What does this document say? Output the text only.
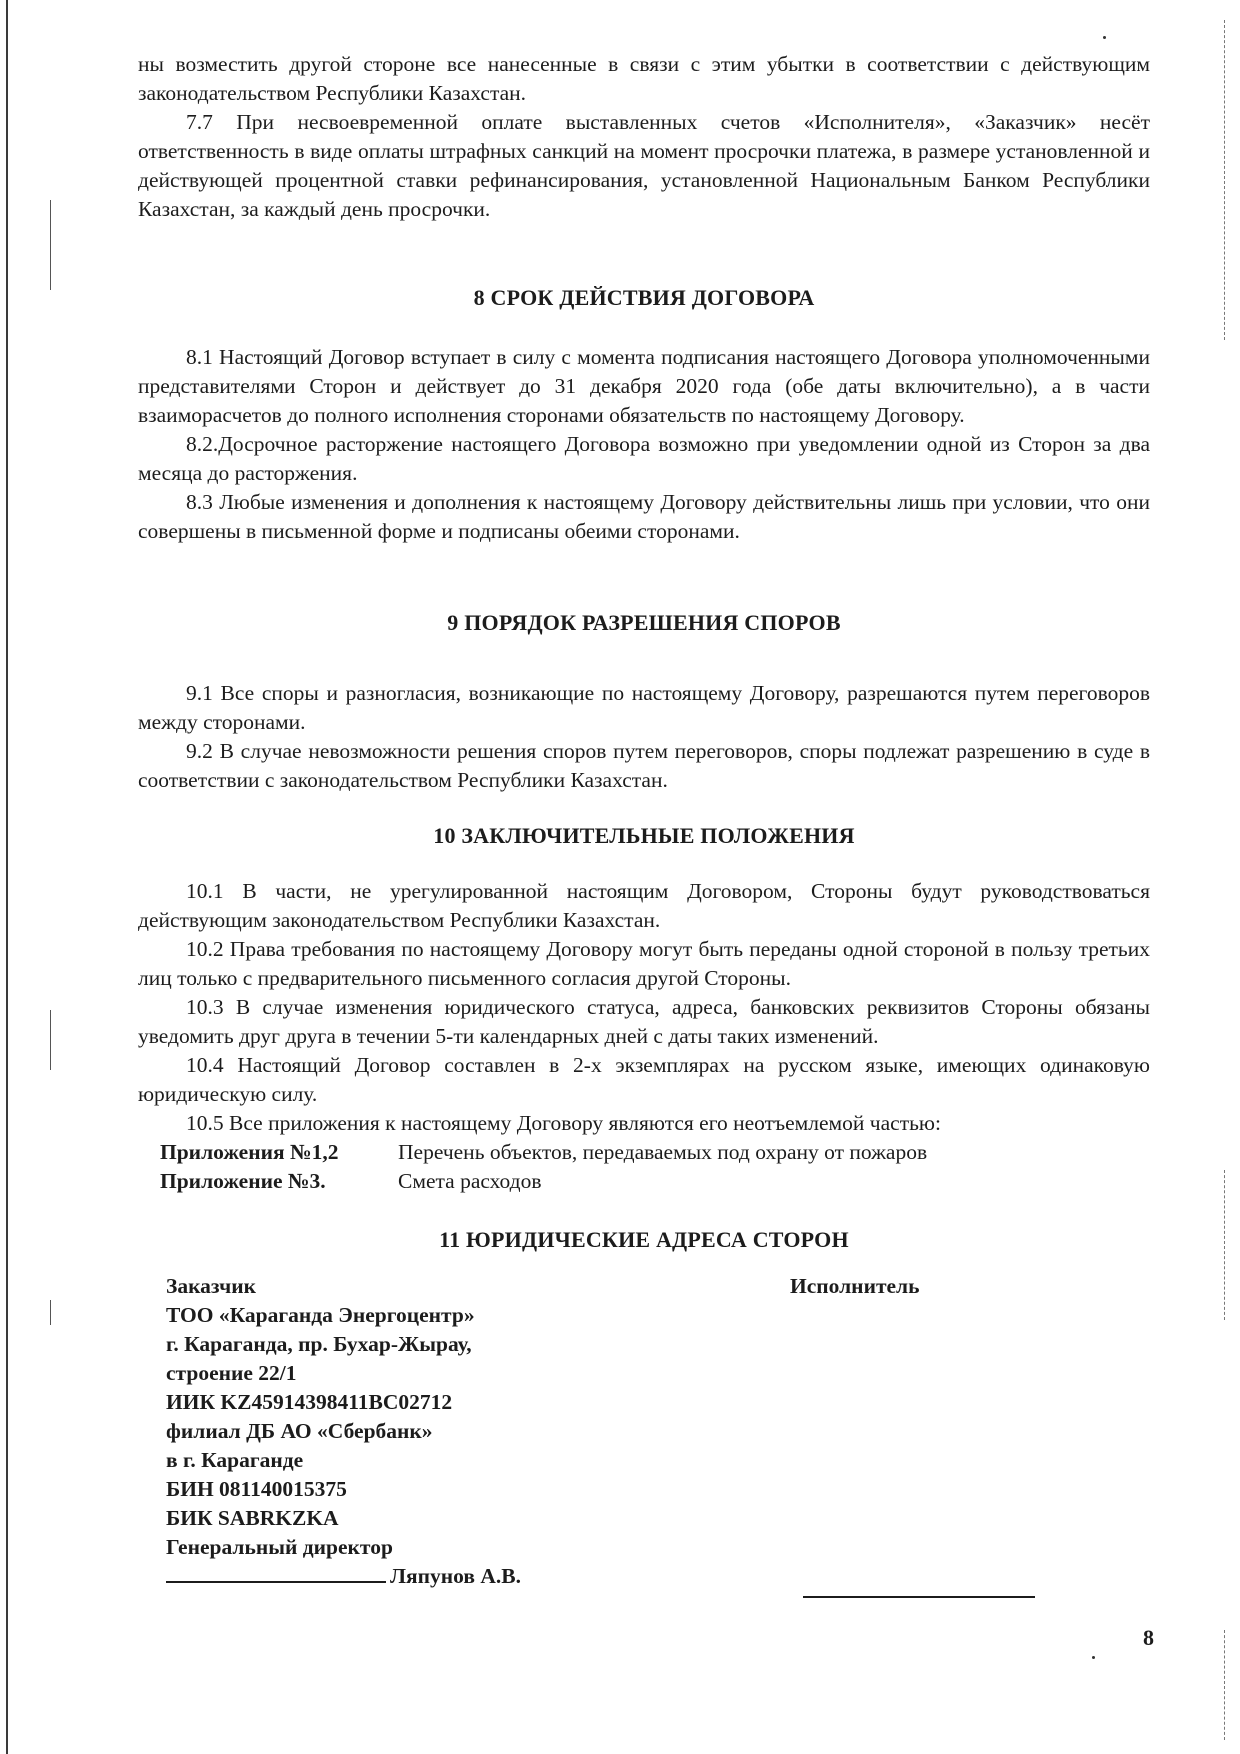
ны возместить другой стороне все нанесенные в связи с этим убытки в соответствии с действующим законодательством Республики Казахстан.

7.7 При несвоевременной оплате выставленных счетов «Исполнителя», «Заказчик» несёт ответственность в виде оплаты штрафных санкций на момент просрочки платежа, в размере установленной и действующей процентной ставки рефинансирования, установленной Национальным Банком Республики Казахстан, за каждый день просрочки.

8 СРОК ДЕЙСТВИЯ ДОГОВОРА

8.1 Настоящий Договор вступает в силу с момента подписания настоящего Договора уполномоченными представителями Сторон и действует до 31 декабря 2020 года (обе даты включительно), а в части взаиморасчетов до полного исполнения сторонами обязательств по настоящему Договору.

8.2.Досрочное расторжение настоящего Договора возможно при уведомлении одной из Сторон за два месяца до расторжения.

8.3 Любые изменения и дополнения к настоящему Договору действительны лишь при условии, что они совершены в письменной форме и подписаны обеими сторонами.

9 ПОРЯДОК РАЗРЕШЕНИЯ СПОРОВ

9.1 Все споры и разногласия, возникающие по настоящему Договору, разрешаются путем переговоров между сторонами.

9.2 В случае невозможности решения споров путем переговоров, споры подлежат разрешению в суде в соответствии с законодательством Республики Казахстан.

10 ЗАКЛЮЧИТЕЛЬНЫЕ ПОЛОЖЕНИЯ

10.1 В части, не урегулированной настоящим Договором, Стороны будут руководствоваться действующим законодательством Республики Казахстан.

10.2 Права требования по настоящему Договору могут быть переданы одной стороной в пользу третьих лиц только с предварительного письменного согласия другой Стороны.

10.3 В случае изменения юридического статуса, адреса, банковских реквизитов Стороны обязаны уведомить друг друга в течении 5-ти календарных дней с даты таких изменений.

10.4 Настоящий Договор составлен в 2-х экземплярах на русском языке, имеющих одинаковую юридическую силу.

10.5 Все приложения к настоящему Договору являются его неотъемлемой частью:

Приложения №1,2	Перечень объектов, передаваемых под охрану от пожаров
Приложение №3.	Смета расходов
11 ЮРИДИЧЕСКИЕ АДРЕСА СТОРОН
Заказчик
ТОО «Караганда Энергоцентр»
г. Караганда, пр. Бухар-Жырау,
строение 22/1
ИИК KZ45914398411BC02712
филиал ДБ АО «Сбербанк»
в г. Караганде
БИН 081140015375
БИК SABRKZKA
Генеральный директор
Ляпунов А.В.
Исполнитель
8
